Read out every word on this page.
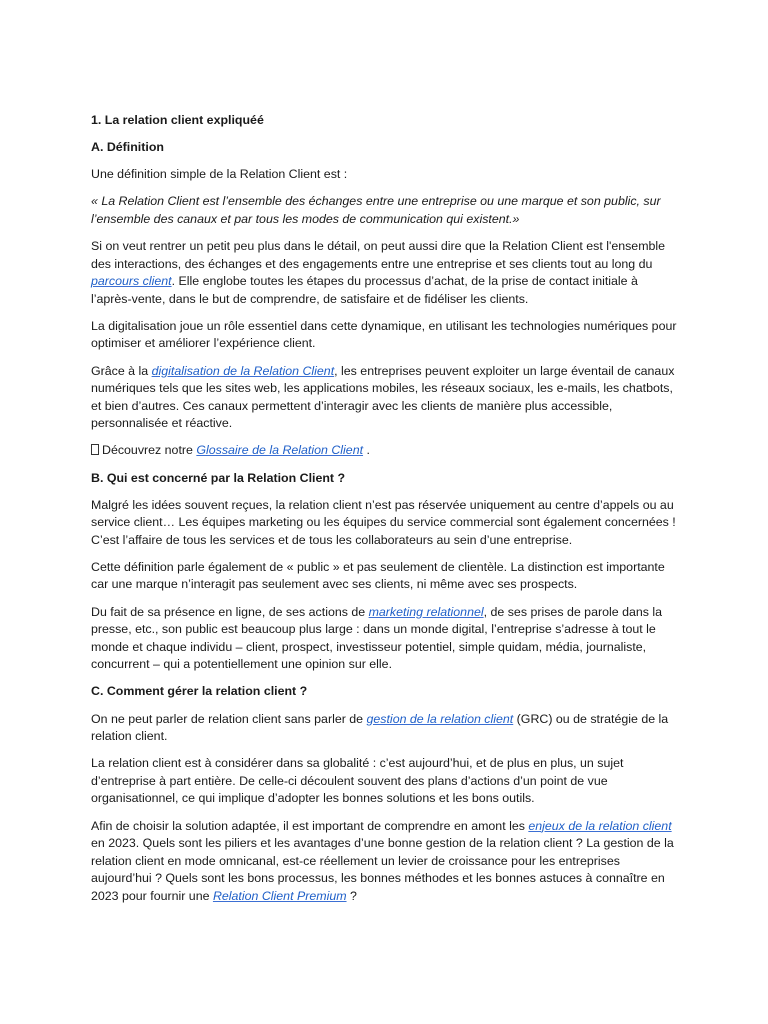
1. La relation client expliquéé

A. Définition

Une définition simple de la Relation Client est :

« La Relation Client est l’ensemble des échanges entre une entreprise ou une marque et son public, sur l’ensemble des canaux et par tous les modes de communication qui existent.»

Si on veut rentrer un petit peu plus dans le détail, on peut aussi dire que la Relation Client est l'ensemble des interactions, des échanges et des engagements entre une entreprise et ses clients tout au long du parcours client. Elle englobe toutes les étapes du processus d’achat, de la prise de contact initiale à l’après-vente, dans le but de comprendre, de satisfaire et de fidéliser les clients.

La digitalisation joue un rôle essentiel dans cette dynamique, en utilisant les technologies numériques pour optimiser et améliorer l’expérience client.

Grâce à la digitalisation de la Relation Client, les entreprises peuvent exploiter un large éventail de canaux numériques tels que les sites web, les applications mobiles, les réseaux sociaux, les e-mails, les chatbots, et bien d’autres. Ces canaux permettent d’interagir avec les clients de manière plus accessible, personnalisée et réactive.

Découvrez notre Glossaire de la Relation Client .

B. Qui est concerné par la Relation Client ?

Malgré les idées souvent reçues, la relation client n’est pas réservée uniquement au centre d’appels ou au service client… Les équipes marketing ou les équipes du service commercial sont également concernées ! C’est l’affaire de tous les services et de tous les collaborateurs au sein d’une entreprise.

Cette définition parle également de « public » et pas seulement de clientèle. La distinction est importante car une marque n’interagit pas seulement avec ses clients, ni même avec ses prospects.

Du fait de sa présence en ligne, de ses actions de marketing relationnel, de ses prises de parole dans la presse, etc., son public est beaucoup plus large : dans un monde digital, l’entreprise s’adresse à tout le monde et chaque individu – client, prospect, investisseur potentiel, simple quidam, média, journaliste, concurrent – qui a potentiellement une opinion sur elle.

C. Comment gérer la relation client ?

On ne peut parler de relation client sans parler de gestion de la relation client (GRC) ou de stratégie de la relation client.

La relation client est à considérer dans sa globalité : c’est aujourd’hui, et de plus en plus, un sujet d’entreprise à part entière. De celle-ci découlent souvent des plans d’actions d’un point de vue organisationnel, ce qui implique d’adopter les bonnes solutions et les bons outils.

Afin de choisir la solution adaptée, il est important de comprendre en amont les enjeux de la relation client en 2023. Quels sont les piliers et les avantages d’une bonne gestion de la relation client ? La gestion de la relation client en mode omnicanal, est-ce réellement un levier de croissance pour les entreprises aujourd’hui ? Quels sont les bons processus, les bonnes méthodes et les bonnes astuces à connaître en 2023 pour fournir une Relation Client Premium ?
